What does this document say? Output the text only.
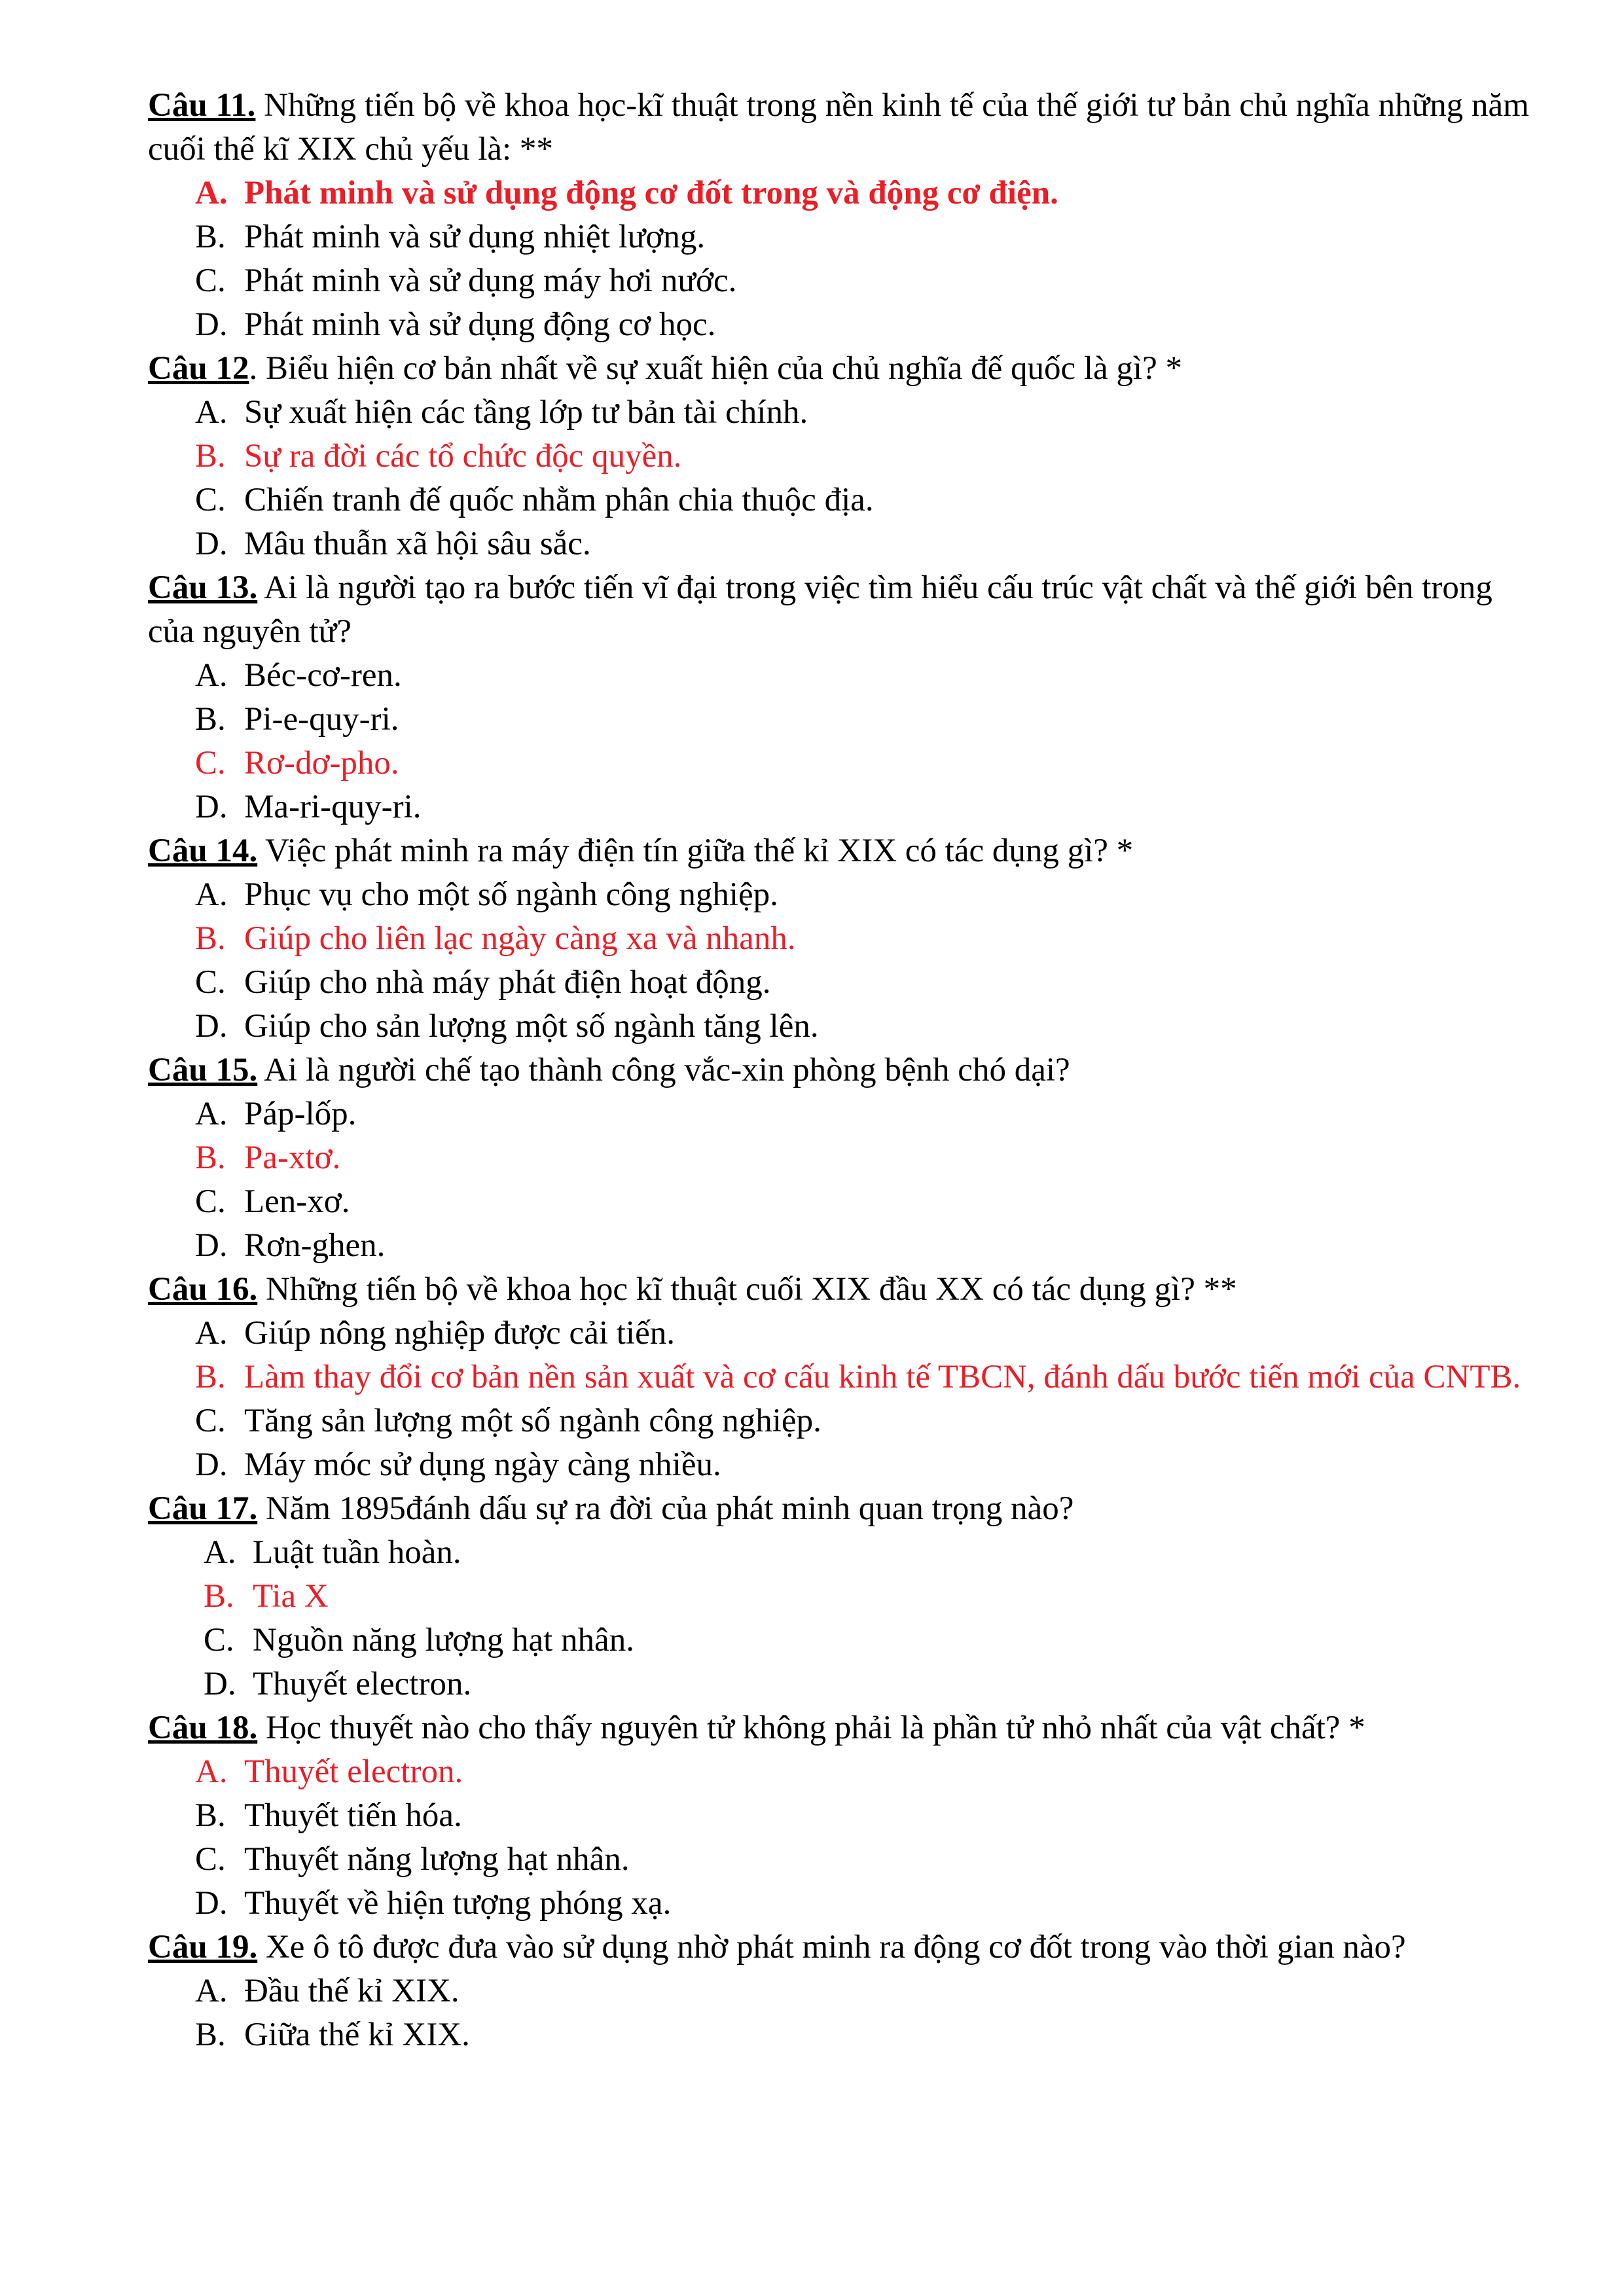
Câu 11. Những tiến bộ về khoa học-kĩ thuật trong nền kinh tế của thế giới tư bản chủ nghĩa những năm cuối thế kĩ XIX chủ yếu là: **

A. Phát minh và sử dụng động cơ đốt trong và động cơ điện.
B. Phát minh và sử dụng nhiệt lượng.
C. Phát minh và sử dụng máy hơi nước.
D. Phát minh và sử dụng động cơ học.

Câu 12. Biểu hiện cơ bản nhất về sự xuất hiện của chủ nghĩa đế quốc là gì? *

A. Sự xuất hiện các tầng lớp tư bản tài chính.
B. Sự ra đời các tổ chức độc quyền.
C. Chiến tranh đế quốc nhằm phân chia thuộc địa.
D. Mâu thuẫn xã hội sâu sắc.

Câu 13. Ai là người tạo ra bước tiến vĩ đại trong việc tìm hiểu cấu trúc vật chất và thế giới bên trong của nguyên tử?

A. Béc-cơ-ren.
B. Pi-e-quy-ri.
C. Rơ-dơ-pho.
D. Ma-ri-quy-ri.

Câu 14. Việc phát minh ra máy điện tín giữa thế kỉ XIX có tác dụng gì? *

A. Phục vụ cho một số ngành công nghiệp.
B. Giúp cho liên lạc ngày càng xa và nhanh.
C. Giúp cho nhà máy phát điện hoạt động.
D. Giúp cho sản lượng một số ngành tăng lên.

Câu 15. Ai là người chế tạo thành công vắc-xin phòng bệnh chó dại?

A. Páp-lốp.
B. Pa-xtơ.
C. Len-xơ.
D. Rơn-ghen.

Câu 16. Những tiến bộ về khoa học kĩ thuật cuối XIX đầu XX có tác dụng gì? **

A. Giúp nông nghiệp được cải tiến.
B. Làm thay đổi cơ bản nền sản xuất và cơ cấu kinh tế TBCN, đánh dấu bước tiến mới của CNTB.
C. Tăng sản lượng một số ngành công nghiệp.
D. Máy móc sử dụng ngày càng nhiều.

Câu 17. Năm 1895đánh dấu sự ra đời của phát minh quan trọng nào?

A. Luật tuần hoàn.
B. Tia X
C. Nguồn năng lượng hạt nhân.
D. Thuyết electron.

Câu 18. Học thuyết nào cho thấy nguyên tử không phải là phần tử nhỏ nhất của vật chất? *

A. Thuyết electron.
B. Thuyết tiến hóa.
C. Thuyết năng lượng hạt nhân.
D. Thuyết về hiện tượng phóng xạ.

Câu 19. Xe ô tô được đưa vào sử dụng nhờ phát minh ra động cơ đốt trong vào thời gian nào?

A. Đầu thế kỉ XIX.
B. Giữa thế kỉ XIX.
